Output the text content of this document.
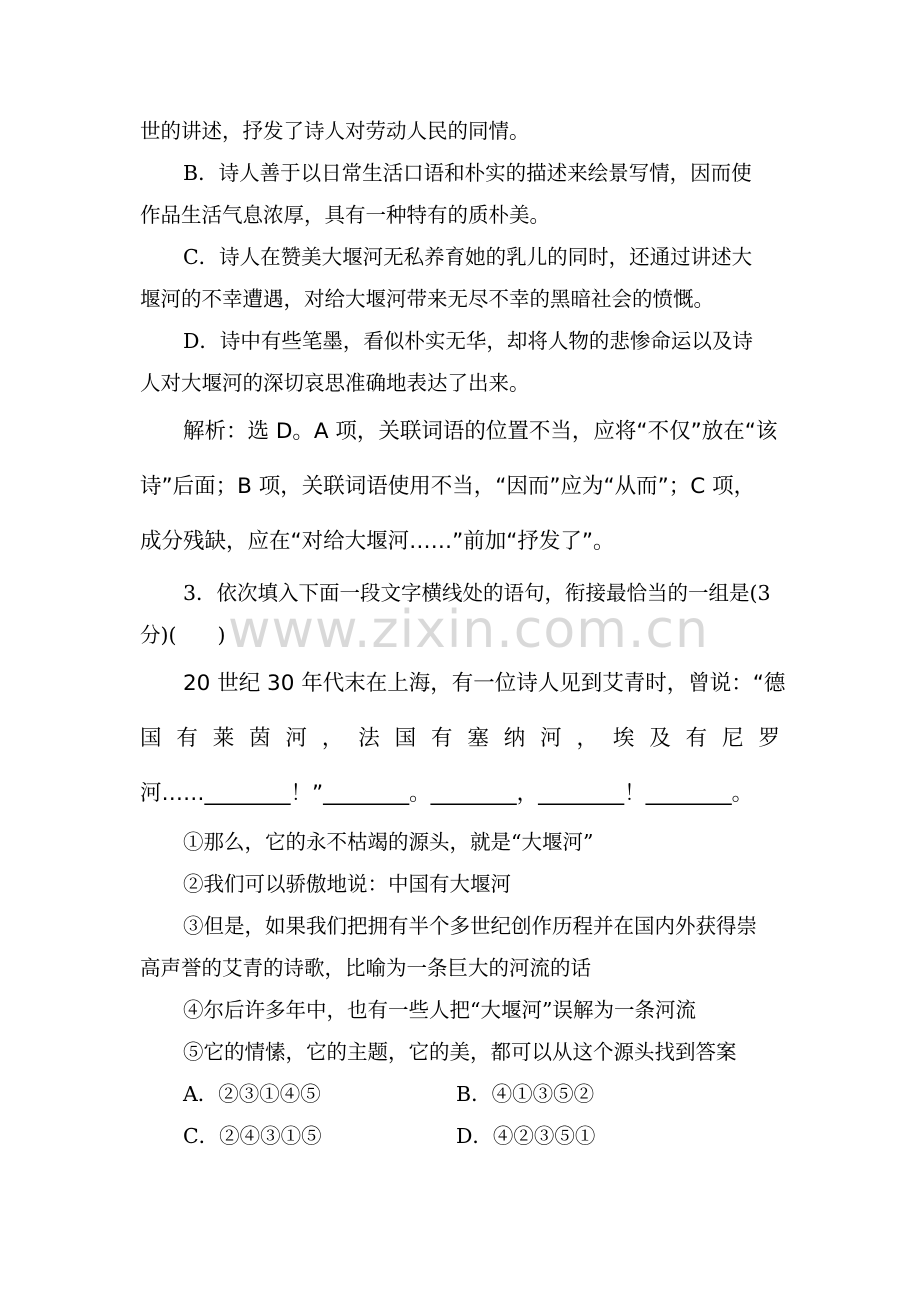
www.zixin.com.cn
世的讲述，抒发了诗人对劳动人民的同情。
B．诗人善于以日常生活口语和朴实的描述来绘景写情，因而使
作品生活气息浓厚，具有一种特有的质朴美。
C．诗人在赞美大堰河无私养育她的乳儿的同时，还通过讲述大
堰河的不幸遭遇，对给大堰河带来无尽不幸的黑暗社会的愤慨。
D．诗中有些笔墨，看似朴实无华，却将人物的悲惨命运以及诗
人对大堰河的深切哀思准确地表达了出来。
解析：选 D。A 项，关联词语的位置不当，应将“不仅”放在“该
诗”后面；B 项，关联词语使用不当，“因而”应为“从而”；C 项，
成分残缺，应在“对给大堰河……”前加“抒发了”。
3．依次填入下面一段文字横线处的语句，衔接最恰当的一组是(3
分)(　　)
20 世纪 30 年代末在上海，有一位诗人见到艾青时，曾说：“德
国 有 莱 茵 河 ， 法 国 有 塞 纳 河 ， 埃 及 有 尼 罗
河……________！”________。________，________！________。
①那么，它的永不枯竭的源头，就是“大堰河”
②我们可以骄傲地说：中国有大堰河
③但是，如果我们把拥有半个多世纪创作历程并在国内外获得崇
高声誉的艾青的诗歌，比喻为一条巨大的河流的话
④尔后许多年中，也有一些人把“大堰河”误解为一条河流
⑤它的情愫，它的主题，它的美，都可以从这个源头找到答案
A．②③①④⑤	B．④①③⑤②
C．②④③①⑤	D．④②③⑤①
